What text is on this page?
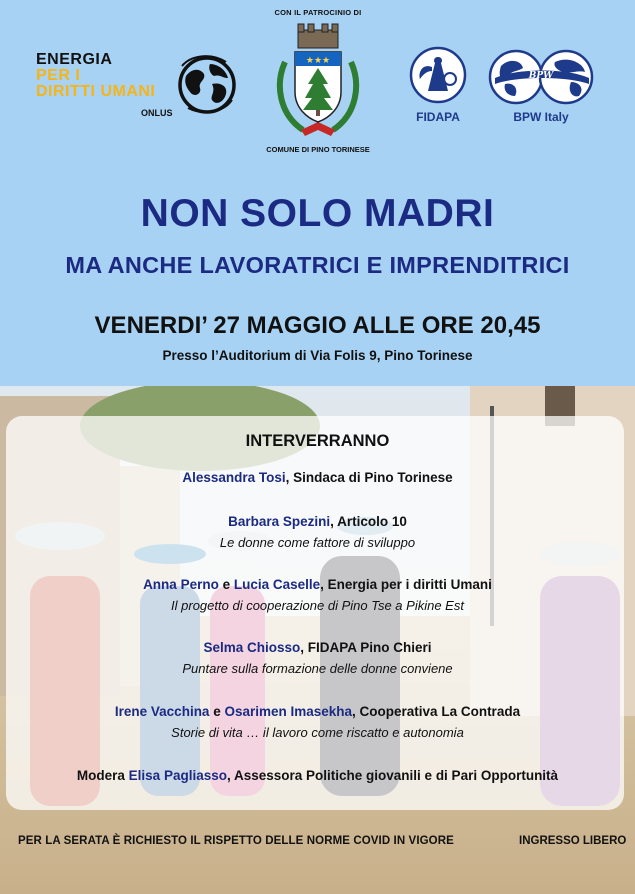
ENERGIA
PER I
DIRITTI UMANI
ONLUS
CON IL PATROCINIO DI
★★★
COMUNE DI PINO TORINESE
FIDAPA
BPW
BPW Italy
NON SOLO MADRI
MA ANCHE LAVORATRICI E IMPRENDITRICI
VENERDI’ 27 MAGGIO ALLE ORE 20,45
Presso l’Auditorium di Via Folis 9, Pino Torinese
INTERVERRANNO
Alessandra Tosi, Sindaca di Pino Torinese
Barbara Spezini, Articolo 10
Le donne come fattore di sviluppo
Anna Perno e Lucia Caselle, Energia per i diritti Umani
Il progetto di cooperazione di Pino Tse a Pikine Est
Selma Chiosso, FIDAPA Pino Chieri
Puntare sulla formazione delle donne conviene
Irene Vacchina e Osarimen Imasekha, Cooperativa La Contrada
Storie di vita … il lavoro come riscatto e autonomia
Modera Elisa Pagliasso, Assessora Politiche giovanili e di Pari Opportunità
PER LA SERATA È RICHIESTO IL RISPETTO DELLE NORME COVID IN VIGORE	INGRESSO LIBERO
